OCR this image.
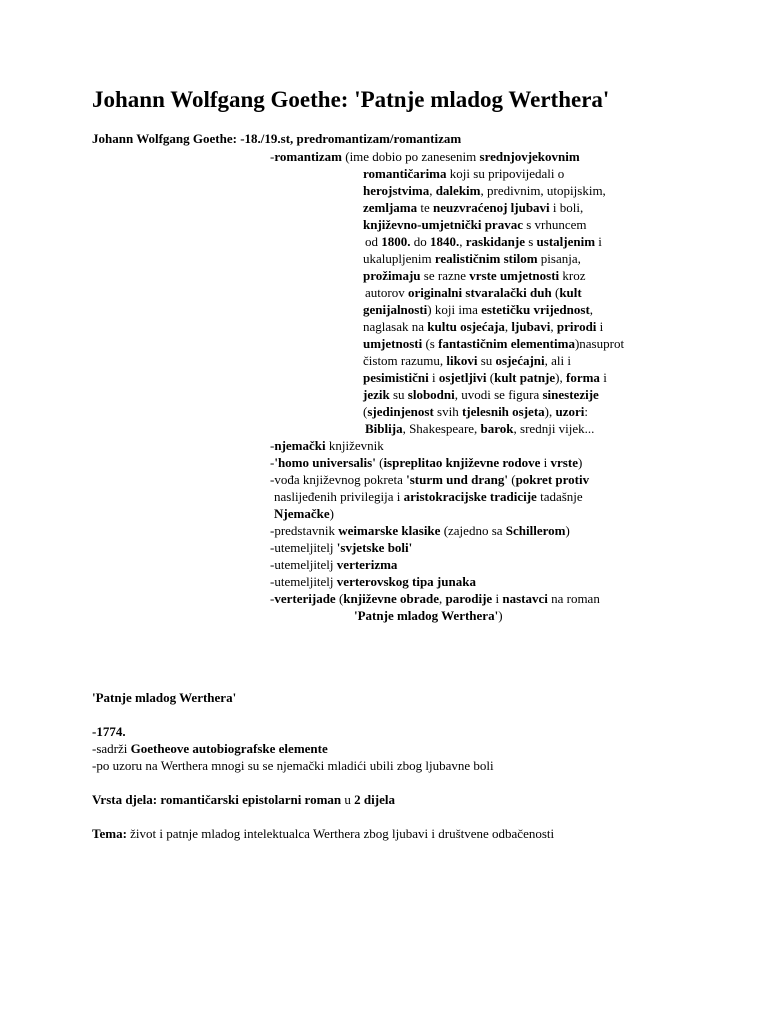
Johann Wolfgang Goethe: 'Patnje mladog Werthera'
Johann Wolfgang Goethe: -18./19.st, predromantizam/romantizam
-romantizam (ime dobio po zanesenim srednjovjekovnim
romantičarima koji su pripovijedali o
herojstvima, dalekim, predivnim, utopijskim,
zemljama te neuzvraćenoj ljubavi i boli,
književno-umjetnički pravac s vrhuncem
od 1800. do 1840., raskidanje s ustaljenim i
ukalupljenim realističnim stilom pisanja,
prožimaju se razne vrste umjetnosti kroz
autorov originalni stvaralački duh (kult
genijalnosti) koji ima estetičku vrijednost,
naglasak na kultu osjećaja, ljubavi, prirodi i
umjetnosti (s fantastičnim elementima)nasuprot
čistom razumu, likovi su osjećajni, ali i
pesimistični i osjetljivi (kult patnje), forma i
jezik su slobodni, uvodi se figura sinestezije
(sjedinjenost svih tjelesnih osjeta), uzori:
Biblija, Shakespeare, barok, srednji vijek...
-njemački književnik
-'homo universalis' (ispreplitao književne rodove i vrste)
-vođa književnog pokreta 'sturm und drang' (pokret protiv
naslijeđenih privilegija i aristokracijske tradicije tadašnje
Njemačke)
-predstavnik weimarske klasike (zajedno sa Schillerom)
-utemeljitelj 'svjetske boli'
-utemeljitelj verterizma
-utemeljitelj verterovskog tipa junaka
-verterijade (književne obrade, parodije i nastavci na roman
'Patnje mladog Werthera')
'Patnje mladog Werthera'
-1774.
-sadrži Goetheove autobiografske elemente
-po uzoru na Werthera mnogi su se njemački mladići ubili zbog ljubavne boli
Vrsta djela: romantičarski epistolarni roman u 2 dijela
Tema: život i patnje mladog intelektualca Werthera zbog ljubavi i društvene odbačenosti
